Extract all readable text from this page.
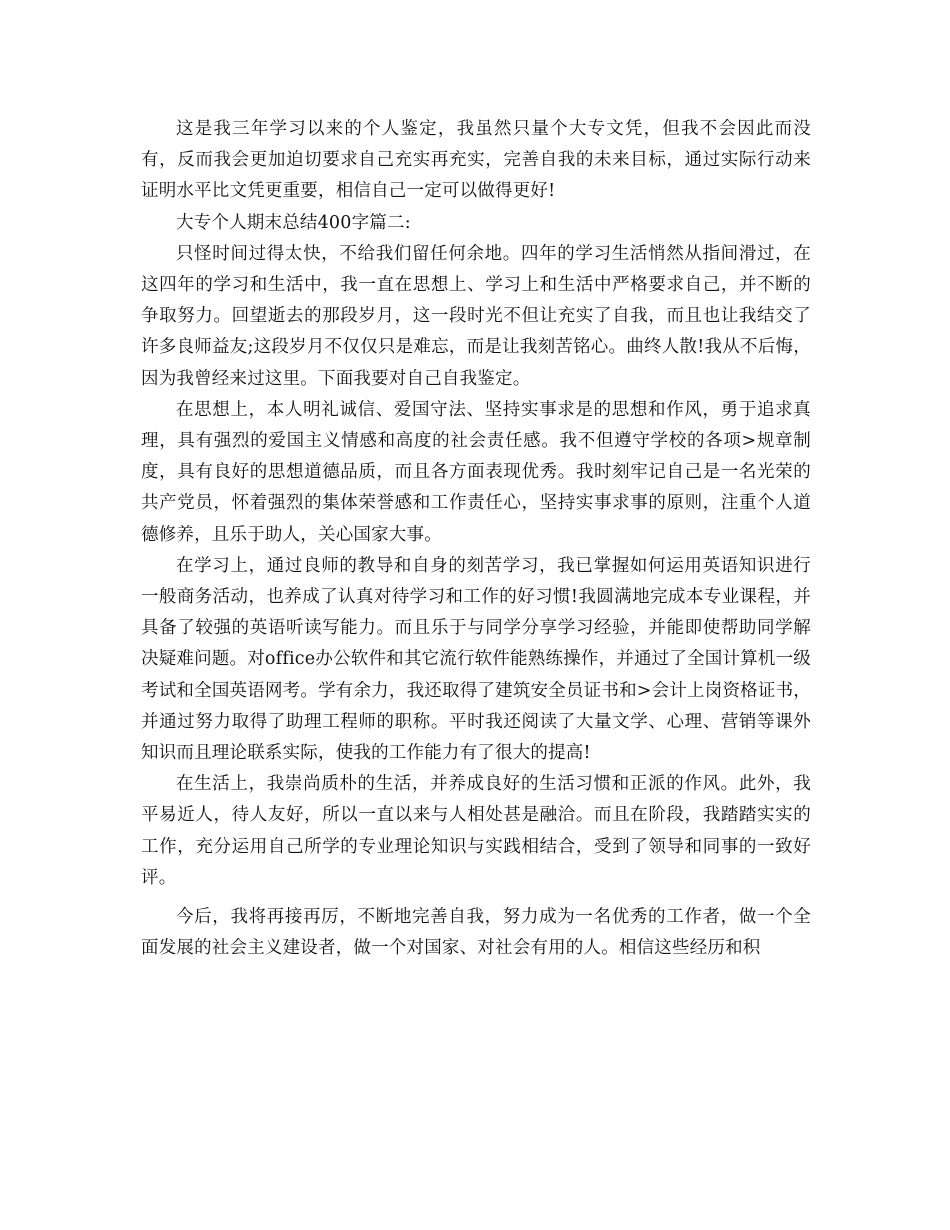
这是我三年学习以来的个人鉴定，我虽然只量个大专文凭，但我不会因此而没有，反而我会更加迫切要求自己充实再充实，完善自我的未来目标，通过实际行动来证明水平比文凭更重要，相信自己一定可以做得更好!

大专个人期末总结400字篇二:

只怪时间过得太快，不给我们留任何余地。四年的学习生活悄然从指间滑过，在这四年的学习和生活中，我一直在思想上、学习上和生活中严格要求自己，并不断的争取努力。回望逝去的那段岁月，这一段时光不但让充实了自我，而且也让我结交了许多良师益友;这段岁月不仅仅只是难忘，而是让我刻苦铭心。曲终人散!我从不后悔，因为我曾经来过这里。下面我要对自己自我鉴定。

在思想上，本人明礼诚信、爱国守法、坚持实事求是的思想和作风，勇于追求真理，具有强烈的爱国主义情感和高度的社会责任感。我不但遵守学校的各项>规章制度，具有良好的思想道德品质，而且各方面表现优秀。我时刻牢记自己是一名光荣的共产党员，怀着强烈的集体荣誉感和工作责任心，坚持实事求事的原则，注重个人道德修养，且乐于助人，关心国家大事。

在学习上，通过良师的教导和自身的刻苦学习，我已掌握如何运用英语知识进行一般商务活动，也养成了认真对待学习和工作的好习惯!我圆满地完成本专业课程，并具备了较强的英语听读写能力。而且乐于与同学分享学习经验，并能即使帮助同学解决疑难问题。对office办公软件和其它流行软件能熟练操作，并通过了全国计算机一级考试和全国英语网考。学有余力，我还取得了建筑安全员证书和>会计上岗资格证书，并通过努力取得了助理工程师的职称。平时我还阅读了大量文学、心理、营销等课外知识而且理论联系实际，使我的工作能力有了很大的提高!

在生活上，我崇尚质朴的生活，并养成良好的生活习惯和正派的作风。此外，我平易近人，待人友好，所以一直以来与人相处甚是融洽。而且在阶段，我踏踏实实的工作，充分运用自己所学的专业理论知识与实践相结合，受到了领导和同事的一致好评。

今后，我将再接再厉，不断地完善自我，努力成为一名优秀的工作者，做一个全面发展的社会主义建设者，做一个对国家、对社会有用的人。相信这些经历和积
